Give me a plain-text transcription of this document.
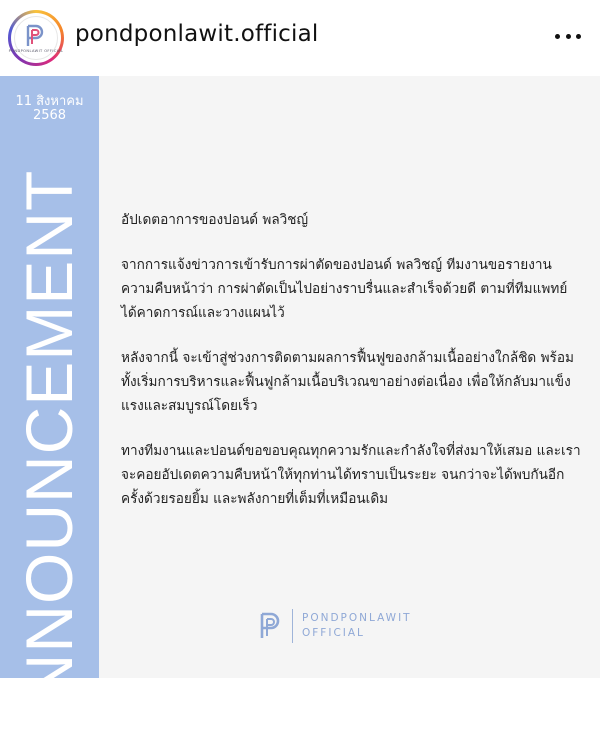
PONDPONLAWIT OFFICIAL
pondponlawit.official
11 สิงหาคม
2568
ANNOUNCEMENT	อัปเดตอาการของปอนด์ พลวิชญ์

จากการแจ้งข่าวการเข้ารับการผ่าตัดของปอนด์ พลวิชญ์ ทีมงานขอรายงานความคืบหน้าว่า การผ่าตัดเป็นไปอย่างราบรื่นและสำเร็จด้วยดี ตามที่ทีมแพทย์ได้คาดการณ์และวางแผนไว้

หลังจากนี้ จะเข้าสู่ช่วงการติดตามผลการฟื้นฟูของกล้ามเนื้ออย่างใกล้ชิด พร้อมทั้งเริ่มการบริหารและฟื้นฟูกล้ามเนื้อบริเวณขาอย่างต่อเนื่อง เพื่อให้กลับมาแข็งแรงและสมบูรณ์โดยเร็ว

ทางทีมงานและปอนด์ขอขอบคุณทุกความรักและกำลังใจที่ส่งมาให้เสมอ และเราจะคอยอัปเดตความคืบหน้าให้ทุกท่านได้ทราบเป็นระยะ จนกว่าจะได้พบกันอีกครั้งด้วยรอยยิ้ม และพลังกายที่เต็มที่เหมือนเดิม

PONDPONLAWIT
OFFICIAL
